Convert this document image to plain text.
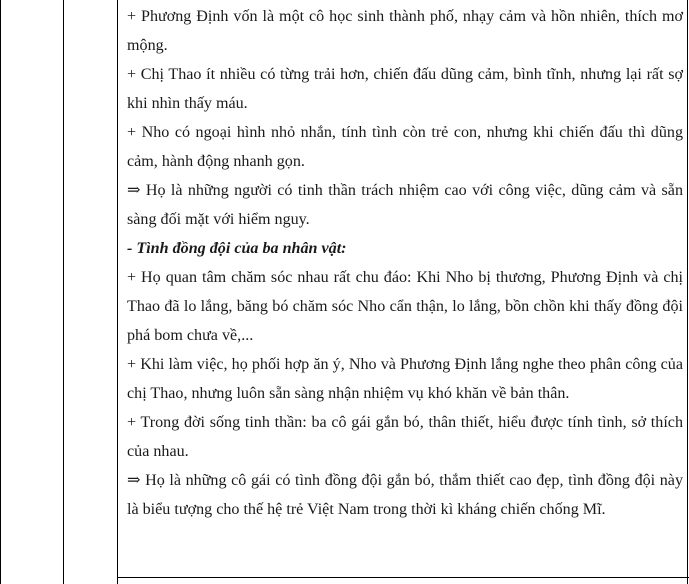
+ Phương Định vốn là một cô học sinh thành phố, nhạy cảm và hồn nhiên, thích mơ mộng.

+ Chị Thao ít nhiều có từng trải hơn, chiến đấu dũng cảm, bình tĩnh, nhưng lại rất sợ khi nhìn thấy máu.

+ Nho có ngoại hình nhỏ nhắn, tính tình còn trẻ con, nhưng khi chiến đấu thì dũng cảm, hành động nhanh gọn.

⇒ Họ là những người có tinh thần trách nhiệm cao với công việc, dũng cảm và sẵn sàng đối mặt với hiểm nguy.

- Tình đồng đội của ba nhân vật:

+ Họ quan tâm chăm sóc nhau rất chu đáo: Khi Nho bị thương, Phương Định và chị Thao đã lo lắng, băng bó chăm sóc Nho cẩn thận, lo lắng, bồn chồn khi thấy đồng đội phá bom chưa về,...

+ Khi làm việc, họ phối hợp ăn ý, Nho và Phương Định lắng nghe theo phân công của chị Thao, nhưng luôn sẵn sàng nhận nhiệm vụ khó khăn về bản thân.

+ Trong đời sống tinh thần: ba cô gái gắn bó, thân thiết, hiểu được tính tình, sở thích của nhau.

⇒ Họ là những cô gái có tình đồng đội gắn bó, thắm thiết cao đẹp, tình đồng đội này là biểu tượng cho thế hệ trẻ Việt Nam trong thời kì kháng chiến chống Mĩ.
